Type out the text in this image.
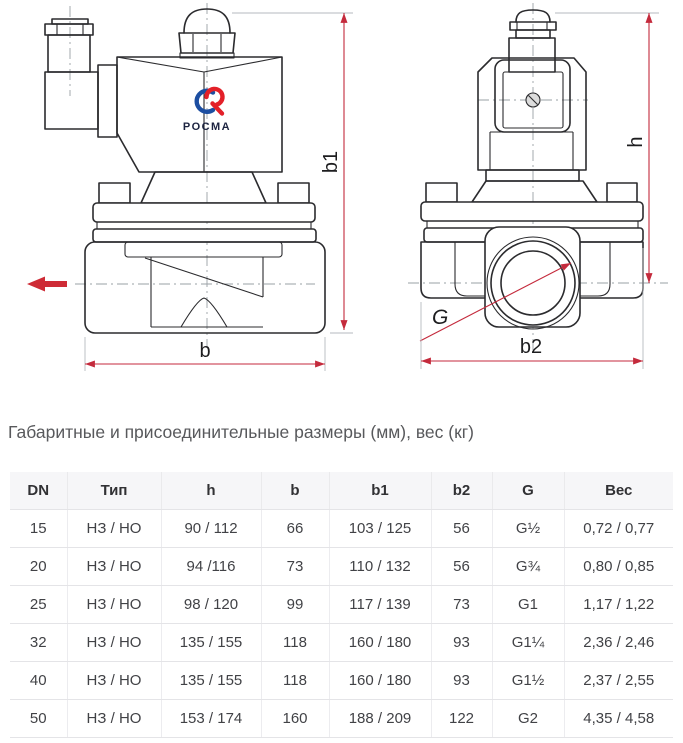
РОСМА
b
b1
G
b2
h
Габаритные и присоединительные размеры (мм), вес (кг)
DN	Тип	h	b	b1	b2	G	Вес
15	НЗ / НО	90 / 112	66	103 / 125	56	G½	0,72 / 0,77
20	НЗ / НО	94 /116	73	110 / 132	56	G¾	0,80 / 0,85
25	НЗ / НО	98 / 120	99	117 / 139	73	G1	1,17 / 1,22
32	НЗ / НО	135 / 155	118	160 / 180	93	G1¼	2,36 / 2,46
40	НЗ / НО	135 / 155	118	160 / 180	93	G1½	2,37 / 2,55
50	НЗ / НО	153 / 174	160	188 / 209	122	G2	4,35 / 4,58
